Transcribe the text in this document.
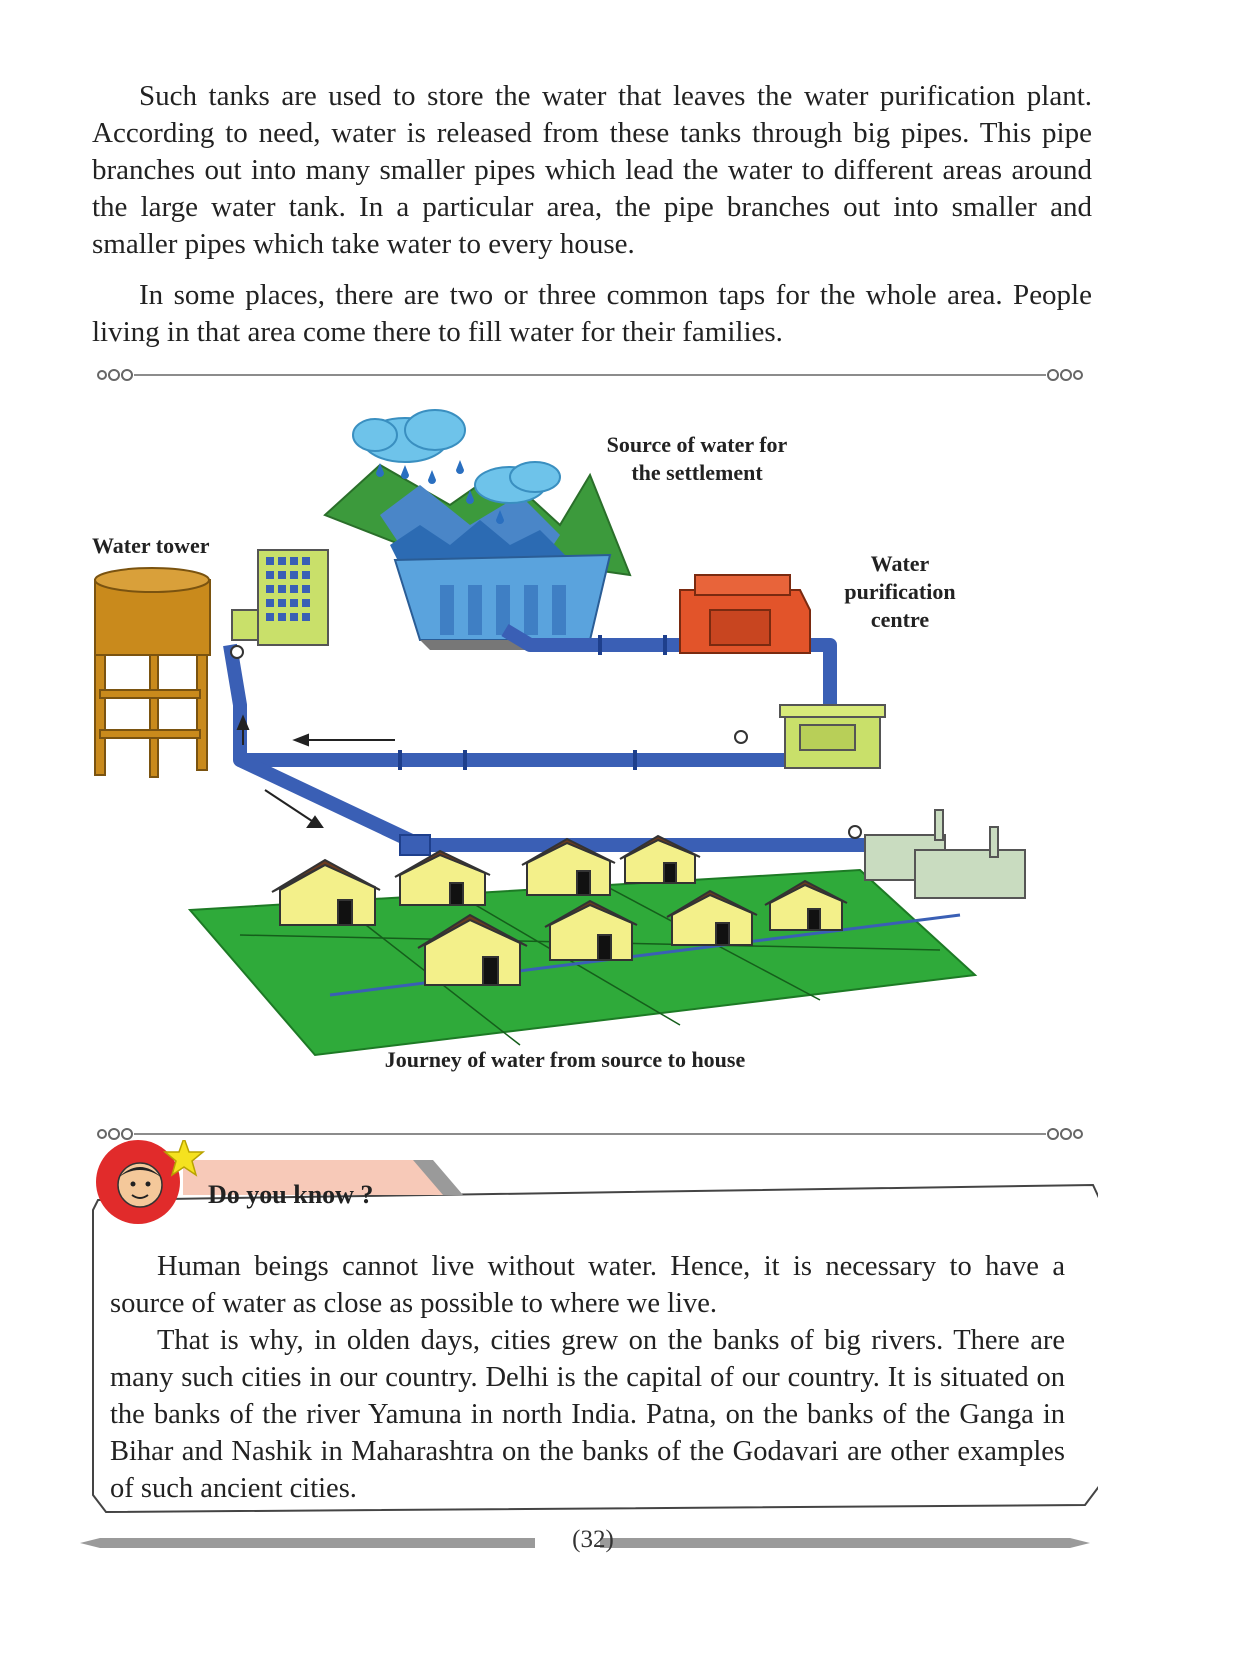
Such tanks are used to store the water that leaves the water purification plant. According to need, water is released from these tanks through big pipes. This pipe branches out into many smaller pipes which lead the water to different areas around the large water tank. In a particular area, the pipe branches out into smaller and smaller pipes which take water to every house.

In some places, there are two or three common taps for the whole area. People living in that area come there to fill water for their families.

Source of water for
the settlement
Water tower
Water
purification
centre
Journey of water from source to house
Do you know ?

Human beings cannot live without water. Hence, it is necessary to have a source of water as close as possible to where we live.

That is why, in olden days, cities grew on the banks of big rivers. There are many such cities in our country. Delhi is the capital of our country. It is situated on the banks of the river Yamuna in north India. Patna, on the banks of the Ganga in Bihar and Nashik in Maharashtra on the banks of the Godavari are other examples of such ancient cities.

(32)
